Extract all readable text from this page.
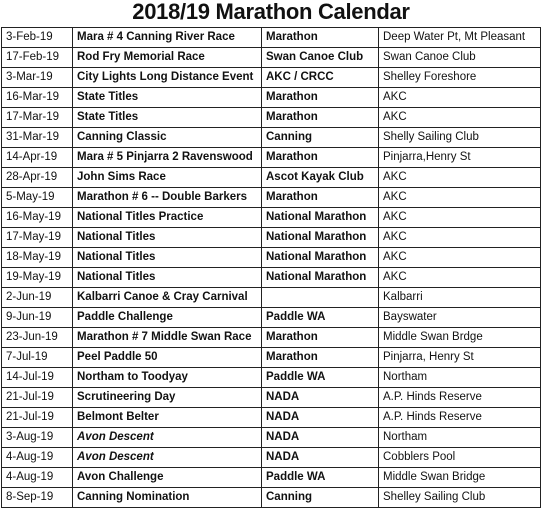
2018/19 Marathon Calendar
3-Feb-19	Mara # 4 Canning River Race	Marathon	Deep Water Pt, Mt Pleasant
17-Feb-19	Rod Fry Memorial Race	Swan Canoe Club	Swan Canoe Club
3-Mar-19	City Lights Long Distance Event	AKC / CRCC	Shelley Foreshore
16-Mar-19	State Titles	Marathon	AKC
17-Mar-19	State Titles	Marathon	AKC
31-Mar-19	Canning Classic	Canning	Shelly Sailing Club
14-Apr-19	Mara # 5 Pinjarra 2 Ravenswood	Marathon	Pinjarra,Henry St
28-Apr-19	John Sims Race	Ascot Kayak Club	AKC
5-May-19	Marathon # 6 -- Double Barkers	Marathon	AKC
16-May-19	National Titles Practice	National Marathon	AKC
17-May-19	National Titles	National Marathon	AKC
18-May-19	National Titles	National Marathon	AKC
19-May-19	National Titles	National Marathon	AKC
2-Jun-19	Kalbarri Canoe & Cray Carnival		Kalbarri
9-Jun-19	Paddle Challenge	Paddle WA	Bayswater
23-Jun-19	Marathon # 7 Middle Swan Race	Marathon	Middle Swan Brdge
7-Jul-19	Peel Paddle 50	Marathon	Pinjarra, Henry St
14-Jul-19	Northam to Toodyay	Paddle WA	Northam
21-Jul-19	Scrutineering Day	NADA	A.P. Hinds Reserve
21-Jul-19	Belmont Belter	NADA	A.P. Hinds Reserve
3-Aug-19	Avon Descent	NADA	Northam
4-Aug-19	Avon Descent	NADA	Cobblers Pool
4-Aug-19	Avon Challenge	Paddle WA	Middle Swan Bridge
8-Sep-19	Canning Nomination	Canning	Shelley Sailing Club
